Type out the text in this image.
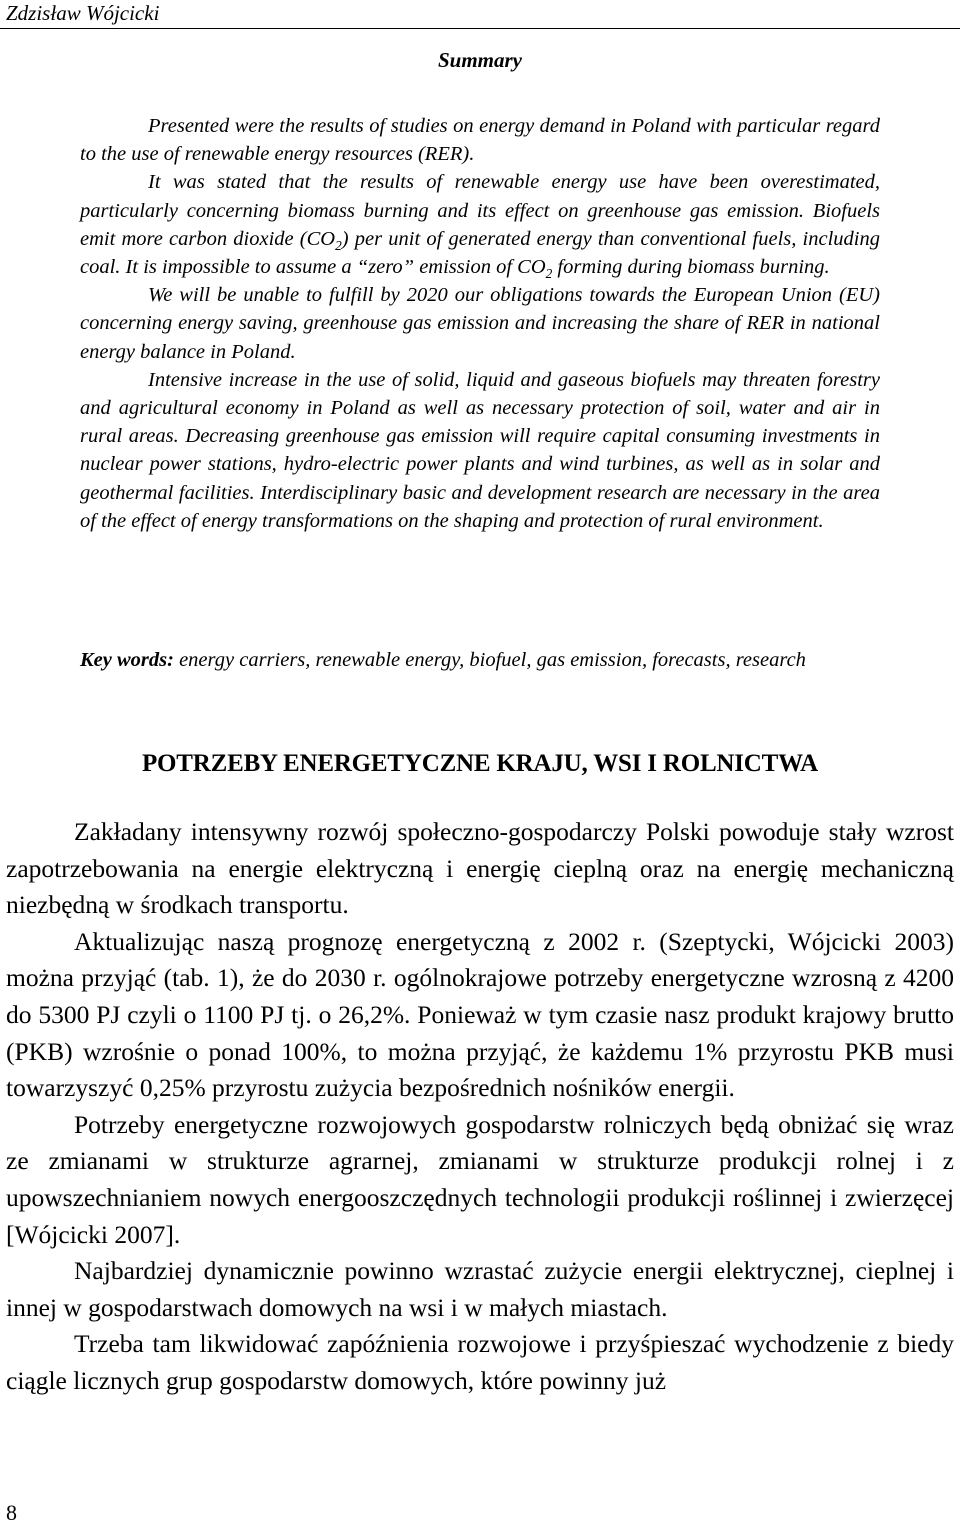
Zdzisław Wójcicki
Summary

Presented were the results of studies on energy demand in Poland with particular regard to the use of renewable energy resources (RER).

It was stated that the results of renewable energy use have been overestimated, particularly concerning biomass burning and its effect on greenhouse gas emission. Biofuels emit more carbon dioxide $(CO_2)$ per unit of generated energy than conventional fuels, including coal. It is impossible to assume a “zero” emission of $CO_2$ forming during biomass burning.

We will be unable to fulfill by 2020 our obligations towards the European Union (EU) concerning energy saving, greenhouse gas emission and increasing the share of RER in national energy balance in Poland.

Intensive increase in the use of solid, liquid and gaseous biofuels may threaten forestry and agricultural economy in Poland as well as necessary protection of soil, water and air in rural areas. Decreasing greenhouse gas emission will require capital consuming investments in nuclear power stations, hydro-electric power plants and wind turbines, as well as in solar and geothermal facilities. Interdisciplinary basic and development research are necessary in the area of the effect of energy transformations on the shaping and protection of rural environment.

Key words: energy carriers, renewable energy, biofuel, gas emission, forecasts, research
POTRZEBY ENERGETYCZNE KRAJU, WSI I ROLNICTWA

Zakładany intensywny rozwój społeczno-gospodarczy Polski powoduje stały wzrost zapotrzebowania na energie elektryczną i energię cieplną oraz na energię mechaniczną niezbędną w środkach transportu.

Aktualizując naszą prognozę energetyczną z 2002 r. (Szeptycki, Wójcicki 2003) można przyjąć (tab. 1), że do 2030 r. ogólnokrajowe potrzeby energetyczne wzrosną z 4200 do 5300 PJ czyli o 1100 PJ tj. o 26,2%. Ponieważ w tym czasie nasz produkt krajowy brutto (PKB) wzrośnie o ponad 100%, to można przyjąć, że każdemu 1% przyrostu PKB musi towarzyszyć 0,25% przyrostu zużycia bezpośrednich nośników energii.

Potrzeby energetyczne rozwojowych gospodarstw rolniczych będą obniżać się wraz ze zmianami w strukturze agrarnej, zmianami w strukturze produkcji rolnej i z upowszechnianiem nowych energooszczędnych technologii produkcji roślinnej i zwierzęcej [Wójcicki 2007].

Najbardziej dynamicznie powinno wzrastać zużycie energii elektrycznej, cieplnej i innej w gospodarstwach domowych na wsi i w małych miastach.

Trzeba tam likwidować zapóźnienia rozwojowe i przyśpieszać wychodzenie z biedy ciągle licznych grup gospodarstw domowych, które powinny już

8
